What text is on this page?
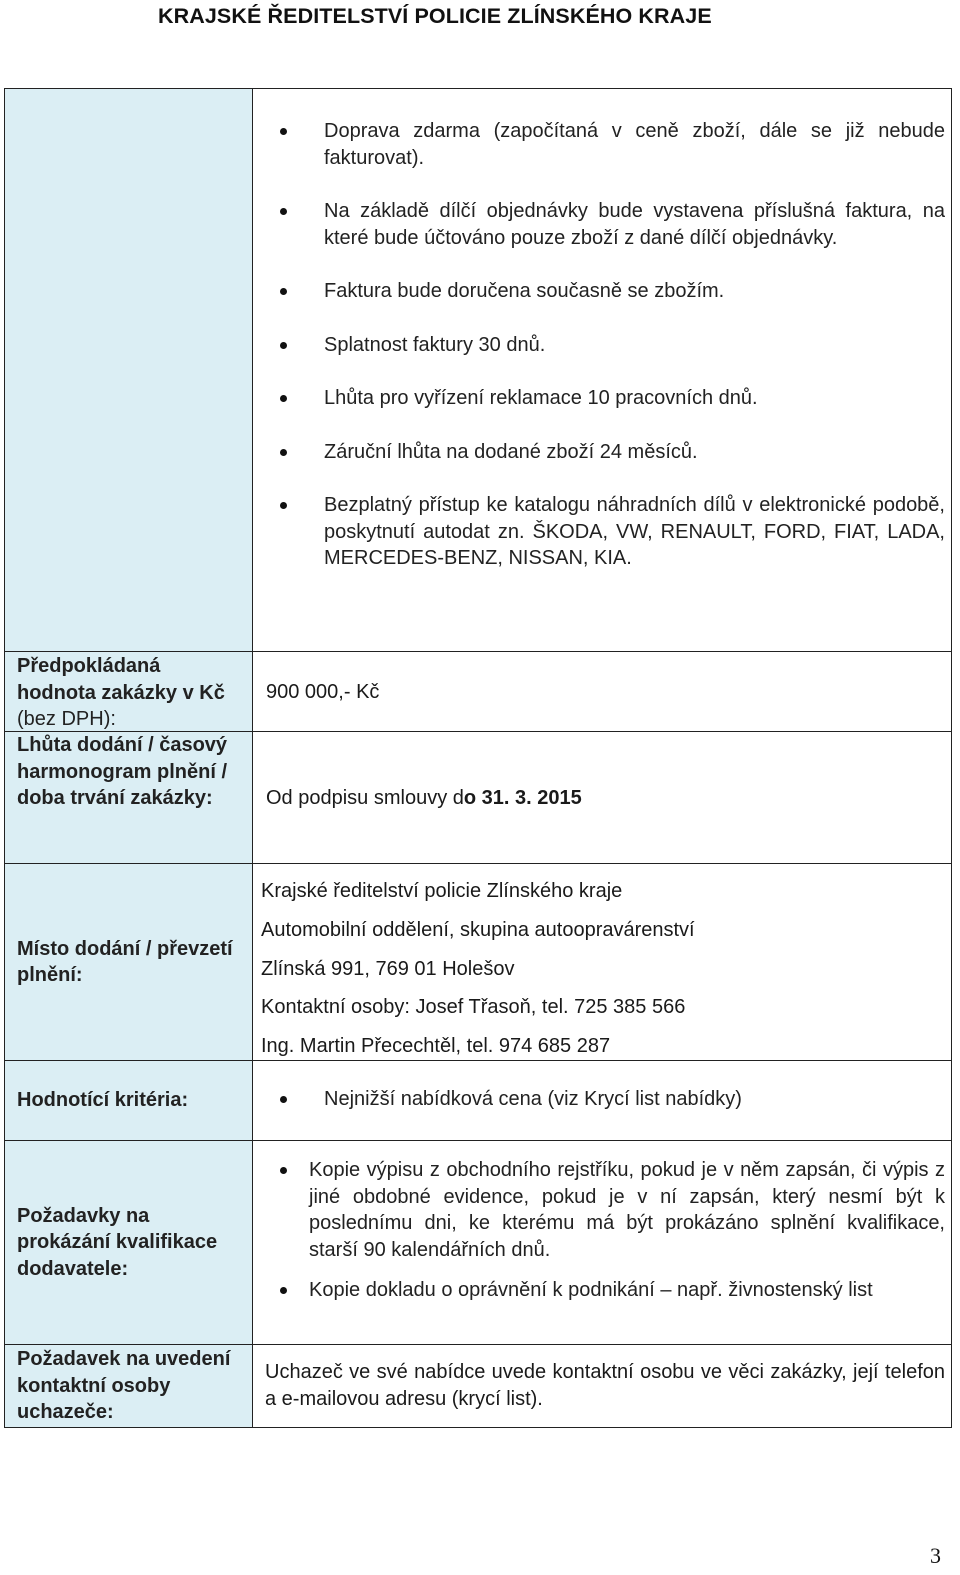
KRAJSKÉ ŘEDITELSTVÍ POLICIE ZLÍNSKÉHO KRAJE
Doprava zdarma (započítaná v ceně zboží, dále se již nebude fakturovat).
Na základě dílčí objednávky bude vystavena příslušná faktura, na které bude účtováno pouze zboží z dané dílčí objednávky.
Faktura bude doručena současně se zbožím.
Splatnost faktury 30 dnů.
Lhůta pro vyřízení reklamace 10 pracovních dnů.
Záruční lhůta na dodané zboží 24 měsíců.
Bezplatný přístup ke katalogu náhradních dílů v elektronické podobě, poskytnutí autodat zn. ŠKODA, VW, RENAULT, FORD, FIAT, LADA, MERCEDES-BENZ, NISSAN, KIA.
Předpokládaná hodnota zakázky v Kč (bez DPH):
900 000,- Kč
Lhůta dodání / časový harmonogram plnění / doba trvání zakázky:	Od podpisu smlouvy do 31. 3. 2015
Místo dodání / převzetí plnění:
Krajské ředitelství policie Zlínského kraje
Automobilní oddělení, skupina autoopravárenství
Zlínská 991, 769 01 Holešov
Kontaktní osoby: Josef Třasoň, tel. 725 385 566
Ing. Martin Přecechtěl, tel. 974 685 287
Hodnotící kritéria:	Nejnižší nabídková cena (viz Krycí list nabídky)
Požadavky na prokázání kvalifikace dodavatele:
Kopie výpisu z obchodního rejstříku, pokud je v něm zapsán, či výpis z jiné obdobné evidence, pokud je v ní zapsán, který nesmí být k poslednímu dni, ke kterému má být prokázáno splnění kvalifikace, starší 90 kalendářních dnů.
Kopie dokladu o oprávnění k podnikání – např. živnostenský list
Požadavek na uvedení kontaktní osoby uchazeče:
Uchazeč ve své nabídce uvede kontaktní osobu ve věci zakázky, její telefon a e-mailovou adresu (krycí list).
3
